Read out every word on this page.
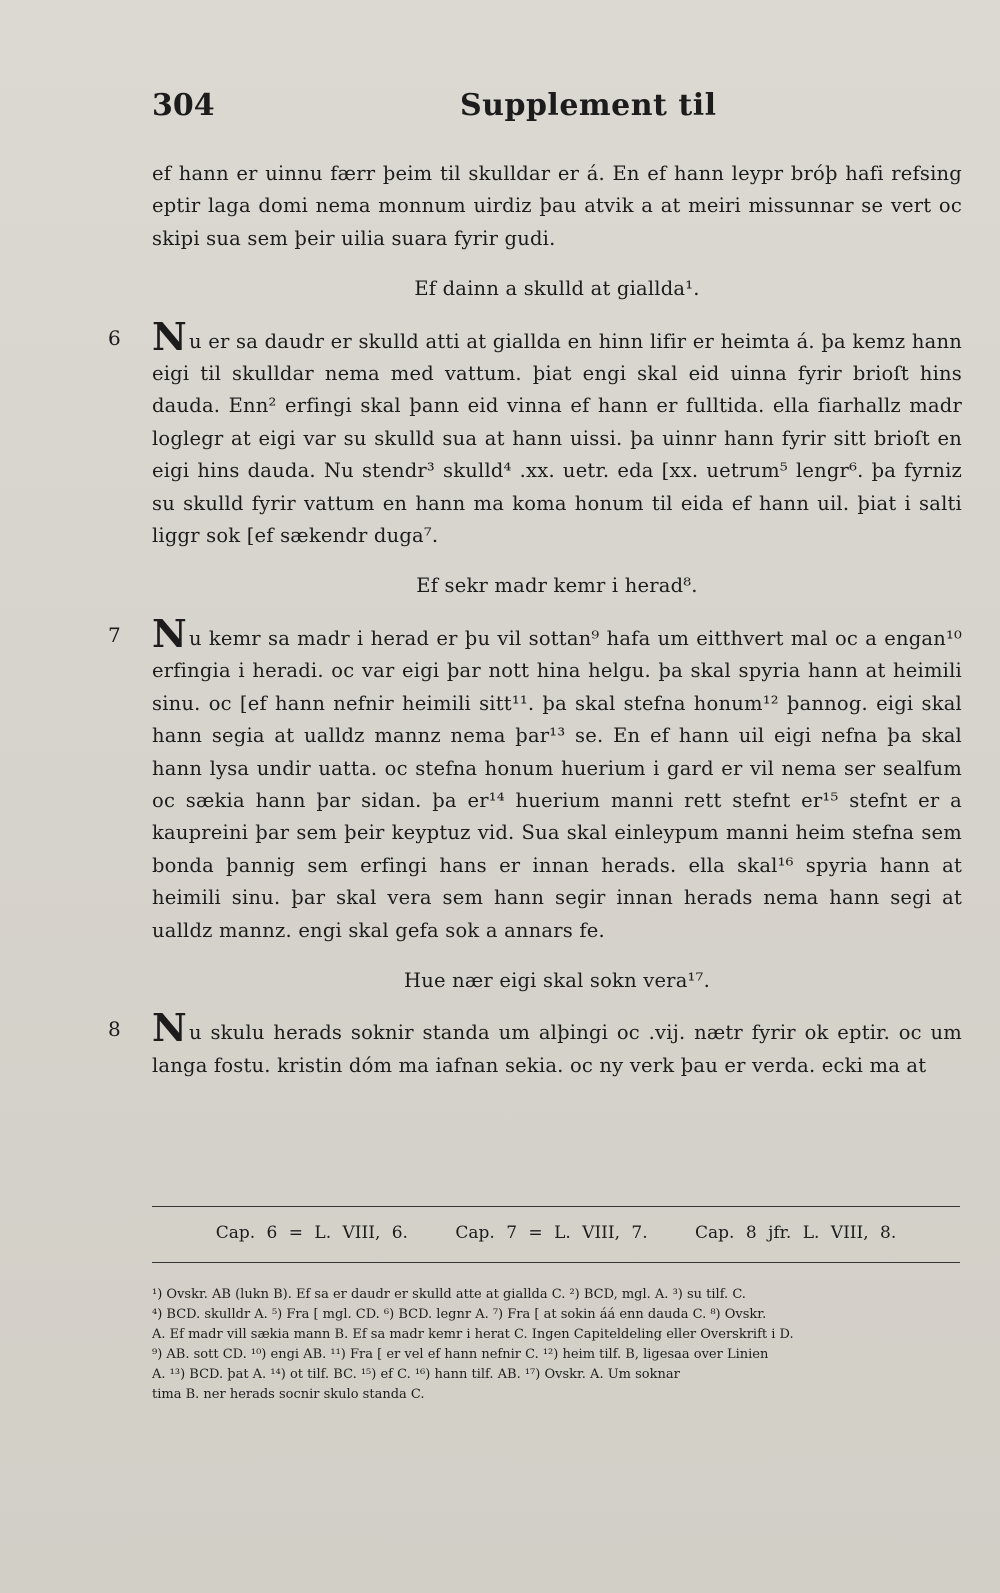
304	Supplement til

ef hann er uinnu færr þeim til skulldar er á. En ef hann leypr bróþ hafi refsing eptir laga domi nema monnum uirdiz þau atvik a at meiri missunnar se vert oc skipi sua sem þeir uilia suara fyrir gudi.

Ef dainn a skulld at giallda¹.

6 Nu er sa daudr er skulld atti at giallda en hinn lifir er heimta á. þa kemz hann eigi til skulldar nema med vattum. þiat engi skal eid uinna fyrir brioſt hins dauda. Enn² erfingi skal þann eid vinna ef hann er fulltida. ella fiarhallz madr loglegr at eigi var su skulld sua at hann uissi. þa uinnr hann fyrir sitt brioſt en eigi hins dauda. Nu stendr³ skulld⁴ .xx. uetr. eda [xx. uetrum⁵ lengr⁶. þa fyrniz su skulld fyrir vattum en hann ma koma honum til eida ef hann uil. þiat i salti liggr sok [ef sækendr duga⁷.

Ef sekr madr kemr i herad⁸.

7 Nu kemr sa madr i herad er þu vil sottan⁹ hafa um eitthvert mal oc a engan¹⁰ erfingia i heradi. oc var eigi þar nott hina helgu. þa skal spyria hann at heimili sinu. oc [ef hann nefnir heimili sitt¹¹. þa skal stefna honum¹² þannog. eigi skal hann segia at ualldz mannz nema þar¹³ se. En ef hann uil eigi nefna þa skal hann lysa undir uatta. oc stefna honum huerium i gard er vil nema ser sealfum oc sækia hann þar sidan. þa er¹⁴ huerium manni rett stefnt er¹⁵ stefnt er a kaupreini þar sem þeir keyptuz vid. Sua skal einleypum manni heim stefna sem bonda þannig sem erfingi hans er innan herads. ella skal¹⁶ spyria hann at heimili sinu. þar skal vera sem hann segir innan herads nema hann segi at ualldz mannz. engi skal gefa sok a annars fe.

Hue nær eigi skal sokn vera¹⁷.

8 Nu skulu herads soknir standa um alþingi oc .vij. nætr fyrir ok eptir. oc um langa fostu. kristin dóm ma iafnan sekia. oc ny verk þau er verda. ecki ma at

Cap. 6 = L. VIII, 6.	Cap. 7 = L. VIII, 7.	Cap. 8 jfr. L. VIII, 8.

¹) Ovskr. AB (lukn B). Ef sa er daudr er skulld atte at giallda C. ²) BCD, mgl. A. ³) su tilf. C.

⁴) BCD. skulldr A. ⁵) Fra [ mgl. CD. ⁶) BCD. legnr A. ⁷) Fra [ at sokin áá enn dauda C. ⁸) Ovskr.

A. Ef madr vill sækia mann B. Ef sa madr kemr i herat C. Ingen Capiteldeling eller Overskrift i D.

⁹) AB. sott CD. ¹⁰) engi AB. ¹¹) Fra [ er vel ef hann nefnir C. ¹²) heim tilf. B, ligesaa over Linien

A. ¹³) BCD. þat A. ¹⁴) ot tilf. BC. ¹⁵) ef C. ¹⁶) hann tilf. AB. ¹⁷) Ovskr. A. Um soknar

tima B. ner herads socnir skulo standa C.
